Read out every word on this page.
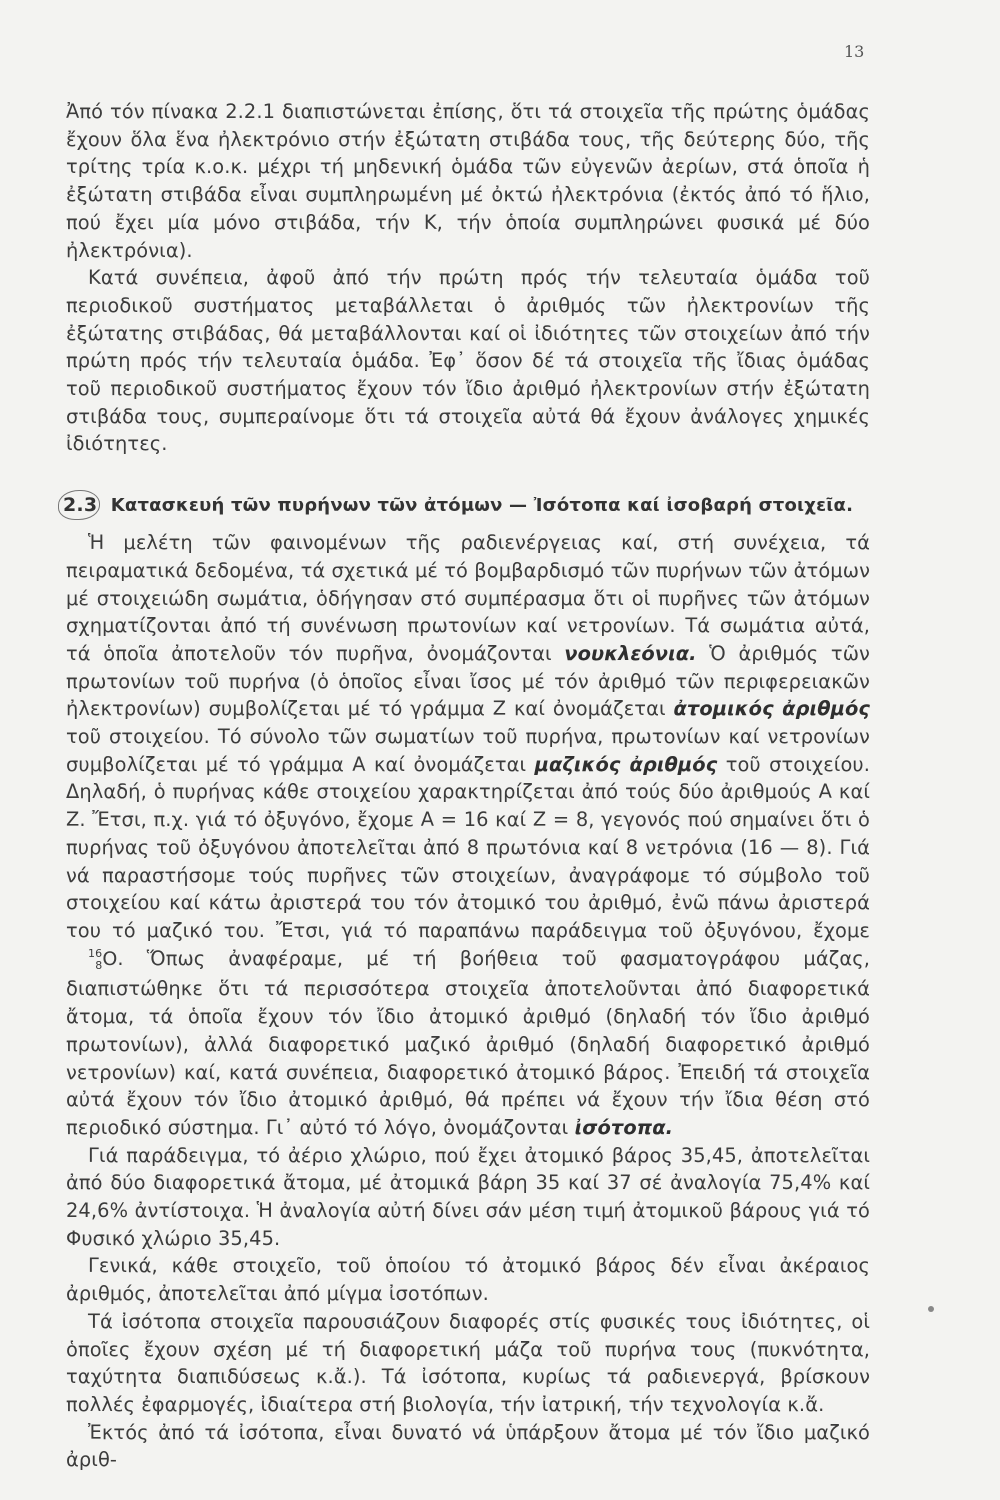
13

Ἀπό τόν πίνακα 2.2.1 διαπιστώνεται ἐπίσης, ὅτι τά στοιχεῖα τῆς πρώτης ὁμάδας ἔχουν ὅλα ἕνα ἠλεκτρόνιο στήν ἐξώτατη στιβάδα τους, τῆς δεύτερης δύο, τῆς τρίτης τρία κ.ο.κ. μέχρι τή μηδενική ὁμάδα τῶν εὐγενῶν ἀερίων, στά ὁποῖα ἡ ἐξώτατη στιβάδα εἶναι συμπληρωμένη μέ ὀκτώ ἠλεκτρόνια (ἐκτός ἀπό τό ἥλιο, πού ἔχει μία μόνο στιβάδα, τήν Κ, τήν ὁποία συμπληρώνει φυσικά μέ δύο ἠλεκτρόνια).

Κατά συνέπεια, ἀφοῦ ἀπό τήν πρώτη πρός τήν τελευταία ὁμάδα τοῦ περιοδικοῦ συστήματος μεταβάλλεται ὁ ἀριθμός τῶν ἠλεκτρονίων τῆς ἐξώτατης στιβάδας, θά μεταβάλλονται καί οἱ ἰδιότητες τῶν στοιχείων ἀπό τήν πρώτη πρός τήν τελευταία ὁμάδα. Ἐφ᾽ ὅσον δέ τά στοιχεῖα τῆς ἴδιας ὁμάδας τοῦ περιοδικοῦ συστήματος ἔχουν τόν ἴδιο ἀριθμό ἠλεκτρονίων στήν ἐξώτατη στιβάδα τους, συμπεραίνομε ὅτι τά στοιχεῖα αὐτά θά ἔχουν ἀνάλογες χημικές ἰδιότητες.

2.3 Κατασκευή τῶν πυρήνων τῶν ἀτόμων — Ἰσότοπα καί ἰσοβαρή στοιχεῖα.

Ἡ μελέτη τῶν φαινομένων τῆς ραδιενέργειας καί, στή συνέχεια, τά πειραματικά δεδομένα, τά σχετικά μέ τό βομβαρδισμό τῶν πυρήνων τῶν ἀτόμων μέ στοιχειώδη σωμάτια, ὁδήγησαν στό συμπέρασμα ὅτι οἱ πυρῆνες τῶν ἀτόμων σχηματίζονται ἀπό τή συνένωση πρωτονίων καί νετρονίων. Τά σωμάτια αὐτά, τά ὁποῖα ἀποτελοῦν τόν πυρῆνα, ὀνομάζονται νουκλεόνια. Ὁ ἀριθμός τῶν πρωτονίων τοῦ πυρήνα (ὁ ὁποῖος εἶναι ἴσος μέ τόν ἀριθμό τῶν περιφερειακῶν ἠλεκτρονίων) συμβολίζεται μέ τό γράμμα Ζ καί ὀνομάζεται ἀτομικός ἀριθμός τοῦ στοιχείου. Τό σύνολο τῶν σωματίων τοῦ πυρήνα, πρωτονίων καί νετρονίων συμβολίζεται μέ τό γράμμα Α καί ὀνομάζεται μαζικός ἀριθμός τοῦ στοιχείου. Δηλαδή, ὁ πυρήνας κάθε στοιχείου χαρακτηρίζεται ἀπό τούς δύο ἀριθμούς Α καί Ζ. Ἔτσι, π.χ. γιά τό ὀξυγόνο, ἔχομε Α = 16 καί Ζ = 8, γεγονός πού σημαίνει ὅτι ὁ πυρήνας τοῦ ὀξυγόνου ἀποτελεῖται ἀπό 8 πρωτόνια καί 8 νετρόνια (16 — 8). Γιά νά παραστήσομε τούς πυρῆνες τῶν στοιχείων, ἀναγράφομε τό σύμβολο τοῦ στοιχείου καί κάτω ἀριστερά του τόν ἀτομικό του ἀριθμό, ἐνῶ πάνω ἀριστερά του τό μαζικό του. Ἔτσι, γιά τό παραπάνω παράδειγμα τοῦ ὀξυγόνου, ἔχομε $^{16}_8$O. Ὅπως ἀναφέραμε, μέ τή βοήθεια τοῦ φασματογράφου μάζας, διαπιστώθηκε ὅτι τά περισσότερα στοιχεῖα ἀποτελοῦνται ἀπό διαφορετικά ἄτομα, τά ὁποῖα ἔχουν τόν ἴδιο ἀτομικό ἀριθμό (δηλαδή τόν ἴδιο ἀριθμό πρωτονίων), ἀλλά διαφορετικό μαζικό ἀριθμό (δηλαδή διαφορετικό ἀριθμό νετρονίων) καί, κατά συνέπεια, διαφορετικό ἀτομικό βάρος. Ἐπειδή τά στοιχεῖα αὐτά ἔχουν τόν ἴδιο ἀτομικό ἀριθμό, θά πρέπει νά ἔχουν τήν ἴδια θέση στό περιοδικό σύστημα. Γι᾽ αὐτό τό λόγο, ὀνομάζονται ἰσότοπα.

Γιά παράδειγμα, τό ἀέριο χλώριο, πού ἔχει ἀτομικό βάρος 35,45, ἀποτελεῖται ἀπό δύο διαφορετικά ἄτομα, μέ ἀτομικά βάρη 35 καί 37 σέ ἀναλογία 75,4% καί 24,6% ἀντίστοιχα. Ἡ ἀναλογία αὐτή δίνει σάν μέση τιμή ἀτομικοῦ βάρους γιά τό Φυσικό χλώριο 35,45.

Γενικά, κάθε στοιχεῖο, τοῦ ὁποίου τό ἀτομικό βάρος δέν εἶναι ἀκέραιος ἀριθμός, ἀποτελεῖται ἀπό μίγμα ἰσοτόπων.

Τά ἰσότοπα στοιχεῖα παρουσιάζουν διαφορές στίς φυσικές τους ἰδιότητες, οἱ ὁποῖες ἔχουν σχέση μέ τή διαφορετική μάζα τοῦ πυρήνα τους (πυκνότητα, ταχύτητα διαπιδύσεως κ.ἄ.). Τά ἰσότοπα, κυρίως τά ραδιενεργά, βρίσκουν πολλές ἐφαρμογές, ἰδιαίτερα στή βιολογία, τήν ἰατρική, τήν τεχνολογία κ.ἄ.

Ἐκτός ἀπό τά ἰσότοπα, εἶναι δυνατό νά ὑπάρξουν ἄτομα μέ τόν ἴδιο μαζικό ἀριθ-
